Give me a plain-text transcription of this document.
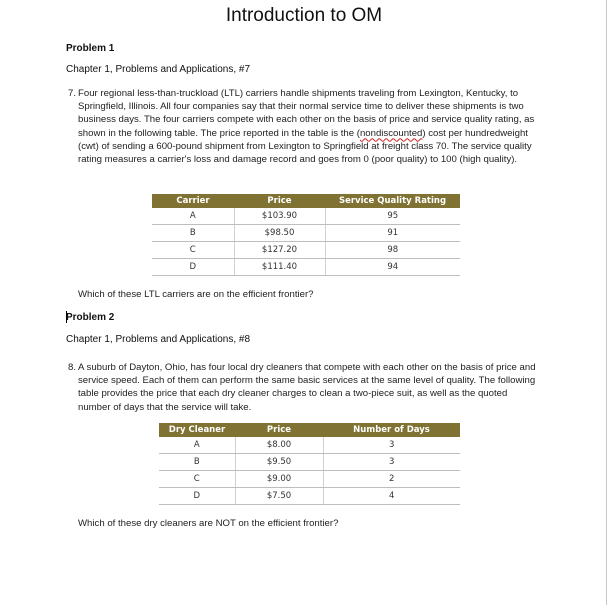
Introduction to OM
Problem 1
Chapter 1, Problems and Applications, #7
7. Four regional less-than-truckload (LTL) carriers handle shipments traveling from Lexington, Kentucky, to Springfield, Illinois. All four companies say that their normal service time to deliver these shipments is two business days. The four carriers compete with each other on the basis of price and service quality rating, as shown in the following table. The price reported in the table is the (nondiscounted) cost per hundredweight (cwt) of sending a 600-pound shipment from Lexington to Springfield at freight class 70. The service quality rating measures a carrier's loss and damage record and goes from 0 (poor quality) to 100 (high quality).
Carrier	Price	Service Quality Rating
A	$103.90	95
B	$98.50	91
C	$127.20	98
D	$111.40	94
Which of these LTL carriers are on the efficient frontier?
Problem 2
Chapter 1, Problems and Applications, #8
8. A suburb of Dayton, Ohio, has four local dry cleaners that compete with each other on the basis of price and service speed. Each of them can perform the same basic services at the same level of quality. The following table provides the price that each dry cleaner charges to clean a two-piece suit, as well as the quoted number of days that the service will take.
Dry Cleaner	Price	Number of Days
A	$8.00	3
B	$9.50	3
C	$9.00	2
D	$7.50	4
Which of these dry cleaners are NOT on the efficient frontier?
